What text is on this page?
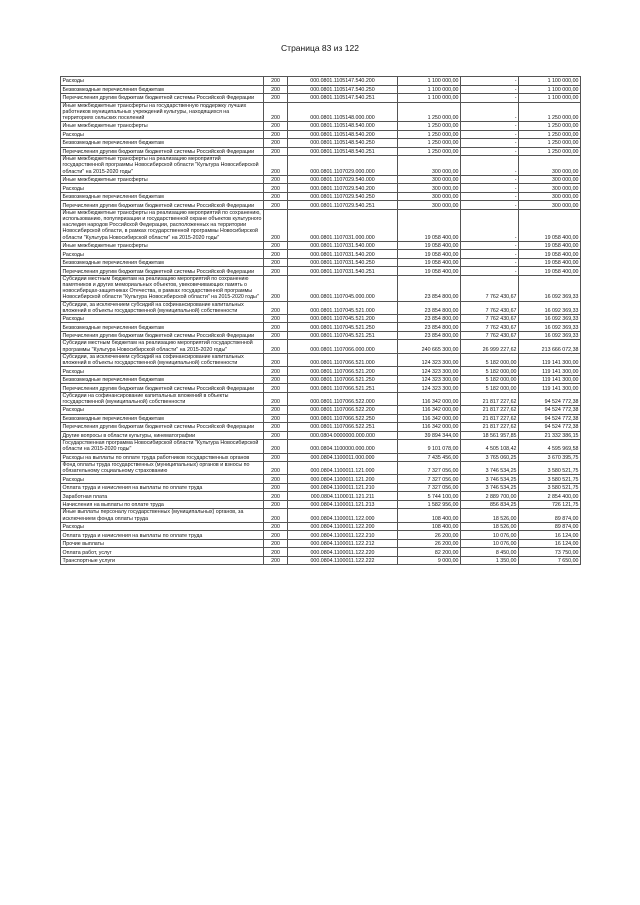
Страница 83 из 122
Расходы	200	000.0801.1105147.540.200	1 100 000,00	-	1 100 000,00
Безвозмездные перечисления бюджетам	200	000.0801.1105147.540.250	1 100 000,00	-	1 100 000,00
Перечисления другим бюджетам бюджетной системы Российской Федерации	200	000.0801.1105147.540.251	1 100 000,00	-	1 100 000,00
Иные межбюджетные трансферты на государственную поддержку лучших работников муниципальных учреждений культуры, находящихся на территориях сельских поселений	200	000.0801.1105148.000.000	1 250 000,00	-	1 250 000,00
Иные межбюджетные трансферты	200	000.0801.1105148.540.000	1 250 000,00	-	1 250 000,00
Расходы	200	000.0801.1105148.540.200	1 250 000,00	-	1 250 000,00
Безвозмездные перечисления бюджетам	200	000.0801.1105148.540.250	1 250 000,00	-	1 250 000,00
Перечисления другим бюджетам бюджетной системы Российской Федерации	200	000.0801.1105148.540.251	1 250 000,00	-	1 250 000,00
Иные межбюджетные трансферты на реализацию мероприятий государственной программы Новосибирской области "Культура Новосибирской области" на 2015-2020 годы"	200	000.0801.1107029.000.000	300 000,00	-	300 000,00
Иные межбюджетные трансферты	200	000.0801.1107029.540.000	300 000,00	-	300 000,00
Расходы	200	000.0801.1107029.540.200	300 000,00	-	300 000,00
Безвозмездные перечисления бюджетам	200	000.0801.1107029.540.250	300 000,00	-	300 000,00
Перечисления другим бюджетам бюджетной системы Российской Федерации	200	000.0801.1107029.540.251	300 000,00	-	300 000,00
Иные межбюджетные трансферты на реализацию мероприятий по сохранению, использованию, популяризации и государственной охране объектов культурного наследия народов Российской Федерации, расположенных на территории Новосибирской области, в рамках государственной программы Новосибирской области "Культура Новосибирской области" на 2015-2020 годы"	200	000.0801.1107031.000.000	19 058 400,00	-	19 058 400,00
Иные межбюджетные трансферты	200	000.0801.1107031.540.000	19 058 400,00	-	19 058 400,00
Расходы	200	000.0801.1107031.540.200	19 058 400,00	-	19 058 400,00
Безвозмездные перечисления бюджетам	200	000.0801.1107031.540.250	19 058 400,00	-	19 058 400,00
Перечисления другим бюджетам бюджетной системы Российской Федерации	200	000.0801.1107031.540.251	19 058 400,00	-	19 058 400,00
Субсидии местным бюджетам на реализацию мероприятий по сохранению памятников и других мемориальных объектов, увековечивающих память о новосибирцах-защитниках Отечества, в рамках государственной программы Новосибирской области "Культура Новосибирской области" на 2015-2020 годы"	200	000.0801.1107045.000.000	23 854 800,00	7 762 430,67	16 092 369,33
Субсидии, за исключением субсидий на софинансирование капитальных вложений в объекты государственной (муниципальной) собственности	200	000.0801.1107045.521.000	23 854 800,00	7 762 430,67	16 092 369,33
Расходы	200	000.0801.1107045.521.200	23 854 800,00	7 762 430,67	16 092 369,33
Безвозмездные перечисления бюджетам	200	000.0801.1107045.521.250	23 854 800,00	7 762 430,67	16 092 369,33
Перечисления другим бюджетам бюджетной системы Российской Федерации	200	000.0801.1107045.521.251	23 854 800,00	7 762 430,67	16 092 369,33
Субсидии местным бюджетам на реализацию мероприятий государственной программы "Культура Новосибирской области" на 2015-2020 годы"	200	000.0801.1107066.000.000	240 665 300,00	26 999 227,62	213 666 072,38
Субсидии, за исключением субсидий на софинансирование капитальных вложений в объекты государственной (муниципальной) собственности	200	000.0801.1107066.521.000	124 323 300,00	5 182 000,00	119 141 300,00
Расходы	200	000.0801.1107066.521.200	124 323 300,00	5 182 000,00	119 141 300,00
Безвозмездные перечисления бюджетам	200	000.0801.1107066.521.250	124 323 300,00	5 182 000,00	119 141 300,00
Перечисления другим бюджетам бюджетной системы Российской Федерации	200	000.0801.1107066.521.251	124 323 300,00	5 182 000,00	119 141 300,00
Субсидии на софинансирование капитальных вложений в объекты государственной (муниципальной) собственности	200	000.0801.1107066.522.000	116 342 000,00	21 817 227,62	94 524 772,38
Расходы	200	000.0801.1107066.522.200	116 342 000,00	21 817 227,62	94 524 772,38
Безвозмездные перечисления бюджетам	200	000.0801.1107066.522.250	116 342 000,00	21 817 227,62	94 524 772,38
Перечисления другим бюджетам бюджетной системы Российской Федерации	200	000.0801.1107066.522.251	116 342 000,00	21 817 227,62	94 524 772,38
Другие вопросы в области культуры, кинематографии	200	000.0804.0000000.000.000	39 894 344,00	18 561 957,85	21 332 386,15
Государственная программа Новосибирской области "Культура Новосибирской области на 2015-2020 годы"	200	000.0804.1100000.000.000	9 101 078,00	4 505 108,42	4 595 969,58
Расходы на выплаты по оплате труда работников государственных органов	200	000.0804.1100011.000.000	7 435 456,00	3 765 060,25	3 670 395,75
Фонд оплаты труда государственных (муниципальных) органов и взносы по обязательному социальному страхованию	200	000.0804.1100011.121.000	7 327 056,00	3 746 534,25	3 580 521,75
Расходы	200	000.0804.1100011.121.200	7 327 056,00	3 746 534,25	3 580 521,75
Оплата труда и начисления на выплаты по оплате труда	200	000.0804.1100011.121.210	7 327 056,00	3 746 534,25	3 580 521,75
Заработная плата	200	000.0804.1100011.121.211	5 744 100,00	2 889 700,00	2 854 400,00
Начисления на выплаты по оплате труда	200	000.0804.1100011.121.213	1 582 956,00	856 834,25	726 121,75
Иные выплаты персоналу государственных (муниципальных) органов, за исключением фонда оплаты труда	200	000.0804.1100011.122.000	108 400,00	18 526,00	89 874,00
Расходы	200	000.0804.1100011.122.200	108 400,00	18 526,00	89 874,00
Оплата труда и начисления на выплаты по оплате труда	200	000.0804.1100011.122.210	26 200,00	10 076,00	16 124,00
Прочие выплаты	200	000.0804.1100011.122.212	26 200,00	10 076,00	16 124,00
Оплата работ, услуг	200	000.0804.1100011.122.220	82 200,00	8 450,00	73 750,00
Транспортные услуги	200	000.0804.1100011.122.222	9 000,00	1 350,00	7 650,00
